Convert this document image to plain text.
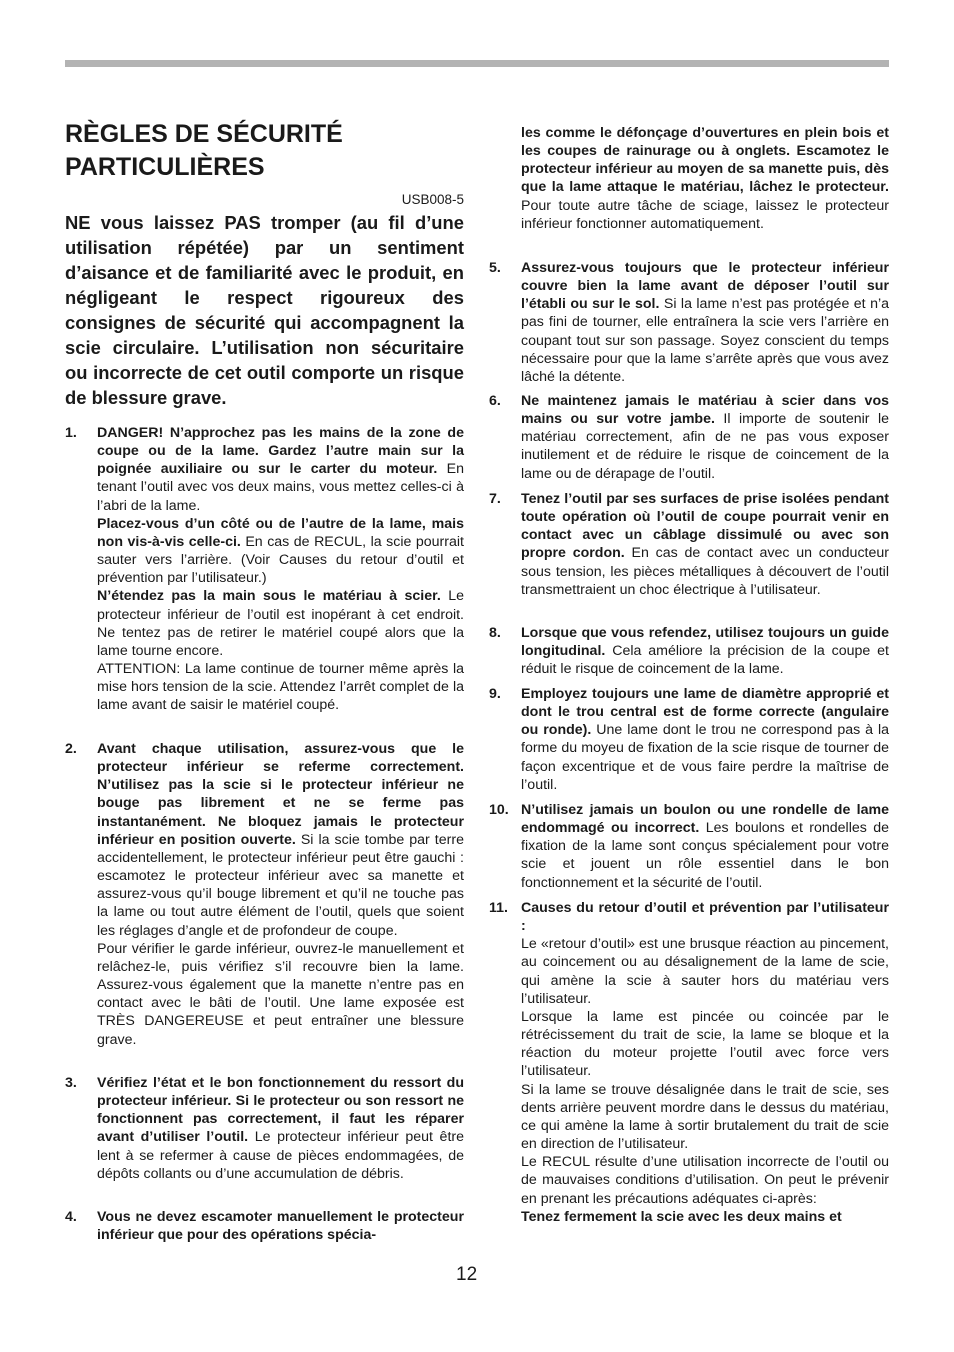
RÈGLES DE SÉCURITÉ
PARTICULIÈRES
USB008-5

NE vous laissez PAS tromper (au fil d’une utilisation répétée) par un sentiment d’aisance et de familiarité avec le produit, en négligeant le respect rigoureux des consignes de sécurité qui accompagnent la scie circulaire. L’utilisation non sécuritaire ou incorrecte de cet outil comporte un risque de blessure grave.

1. DANGER! N’approchez pas les mains de la zone de coupe ou de la lame. Gardez l’autre main sur la poignée auxiliaire ou sur le carter du moteur. En tenant l’outil avec vos deux mains, vous mettez celles-ci à l’abri de la lame.

Placez-vous d’un côté ou de l’autre de la lame, mais non vis-à-vis celle-ci. En cas de RECUL, la scie pourrait sauter vers l’arrière. (Voir Causes du retour d’outil et prévention par l’utilisateur.)

N’étendez pas la main sous le matériau à scier. Le protecteur inférieur de l’outil est inopérant à cet endroit. Ne tentez pas de retirer le matériel coupé alors que la lame tourne encore.

ATTENTION: La lame continue de tourner même après la mise hors tension de la scie. Attendez l’arrêt complet de la lame avant de saisir le matériel coupé.

2. Avant chaque utilisation, assurez-vous que le protecteur inférieur se referme correctement. N’utilisez pas la scie si le protecteur inférieur ne bouge pas librement et ne se ferme pas instantanément. Ne bloquez jamais le protecteur inférieur en position ouverte. Si la scie tombe par terre accidentellement, le protecteur inférieur peut être gauchi : escamotez le protecteur inférieur avec sa manette et assurez-vous qu’il bouge librement et qu’il ne touche pas la lame ou tout autre élément de l’outil, quels que soient les réglages d’angle et de profondeur de coupe.

Pour vérifier le garde inférieur, ouvrez-le manuellement et relâchez-le, puis vérifiez s’il recouvre bien la lame. Assurez-vous également que la manette n’entre pas en contact avec le bâti de l’outil. Une lame exposée est TRÈS DANGEREUSE et peut entraîner une blessure grave.

3. Vérifiez l’état et le bon fonctionnement du ressort du protecteur inférieur. Si le protecteur ou son ressort ne fonctionnent pas correctement, il faut les réparer avant d’utiliser l’outil. Le protecteur inférieur peut être lent à se refermer à cause de pièces endommagées, de dépôts collants ou d’une accumulation de débris.

4. Vous ne devez escamoter manuellement le protecteur inférieur que pour des opérations spécia-

les comme le défonçage d’ouvertures en plein bois et les coupes de rainurage ou à onglets. Escamotez le protecteur inférieur au moyen de sa manette puis, dès que la lame attaque le matériau, lâchez le protecteur. Pour toute autre tâche de sciage, laissez le protecteur inférieur fonctionner automatiquement.

5. Assurez-vous toujours que le protecteur inférieur couvre bien la lame avant de déposer l’outil sur l’établi ou sur le sol. Si la lame n’est pas protégée et n’a pas fini de tourner, elle entraînera la scie vers l’arrière en coupant tout sur son passage. Soyez conscient du temps nécessaire pour que la lame s’arrête après que vous avez lâché la détente.

6. Ne maintenez jamais le matériau à scier dans vos mains ou sur votre jambe. Il importe de soutenir le matériau correctement, afin de ne pas vous exposer inutilement et de réduire le risque de coincement de la lame ou de dérapage de l’outil.

7. Tenez l’outil par ses surfaces de prise isolées pendant toute opération où l’outil de coupe pourrait venir en contact avec un câblage dissimulé ou avec son propre cordon. En cas de contact avec un conducteur sous tension, les pièces métalliques à découvert de l’outil transmettraient un choc électrique à l’utilisateur.

8. Lorsque que vous refendez, utilisez toujours un guide longitudinal. Cela améliore la précision de la coupe et réduit le risque de coincement de la lame.

9. Employez toujours une lame de diamètre approprié et dont le trou central est de forme correcte (angulaire ou ronde). Une lame dont le trou ne correspond pas à la forme du moyeu de fixation de la scie risque de tourner de façon excentrique et de vous faire perdre la maîtrise de l’outil.

10. N’utilisez jamais un boulon ou une rondelle de lame endommagé ou incorrect. Les boulons et rondelles de fixation de la lame sont conçus spécialement pour votre scie et jouent un rôle essentiel dans le bon fonctionnement et la sécurité de l’outil.

11. Causes du retour d’outil et prévention par l’utilisateur :

Le «retour d’outil» est une brusque réaction au pincement, au coincement ou au désalignement de la lame de scie, qui amène la scie à sauter hors du matériau vers l’utilisateur.

Lorsque la lame est pincée ou coincée par le rétrécissement du trait de scie, la lame se bloque et la réaction du moteur projette l’outil avec force vers l’utilisateur.

Si la lame se trouve désalignée dans le trait de scie, ses dents arrière peuvent mordre dans le dessus du matériau, ce qui amène la lame à sortir brutalement du trait de scie en direction de l’utilisateur.

Le RECUL résulte d’une utilisation incorrecte de l’outil ou de mauvaises conditions d’utilisation. On peut le prévenir en prenant les précautions adéquates ci-après:

Tenez fermement la scie avec les deux mains et

12
